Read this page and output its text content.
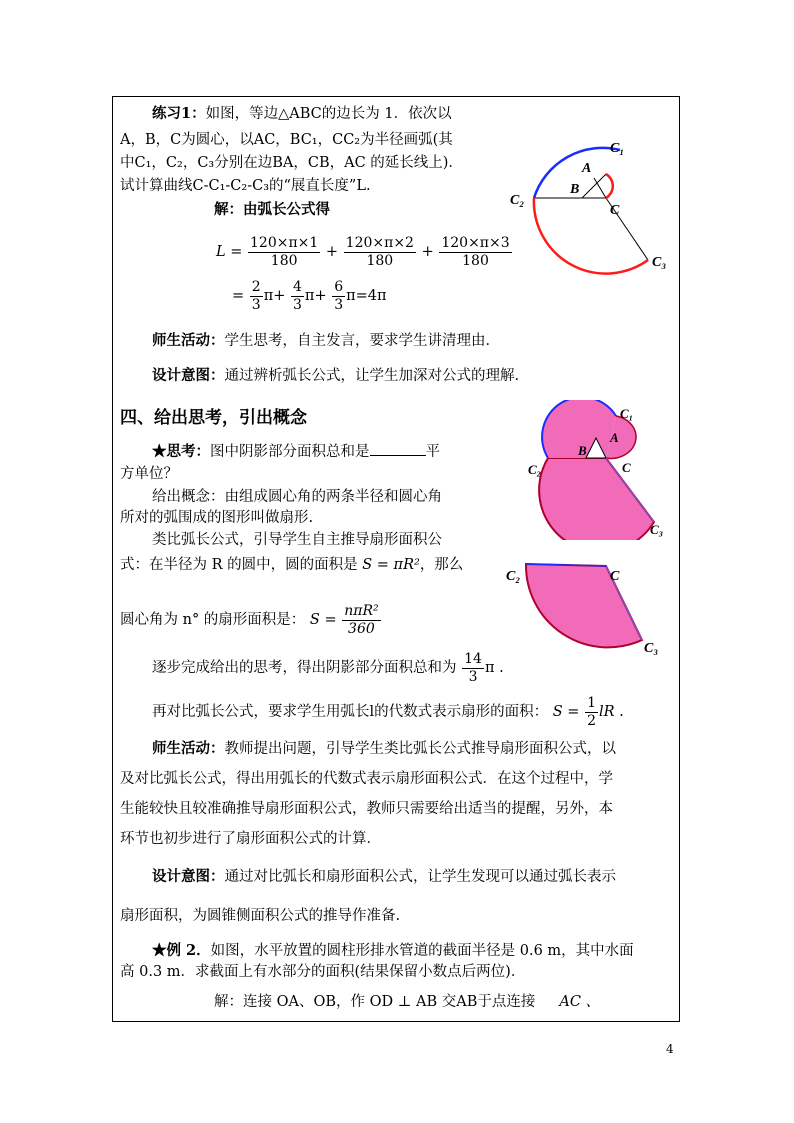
练习1：如图，等边△ABC的边长为 1．依次以
A，B，C为圆心，以AC，BC₁，CC₂为半径画弧(其
中C₁，C₂，C₃分别在边BA，CB，AC 的延长线上)．
试计算曲线C-C₁-C₂-C₃的“展直长度”L.
解：由弧长公式得
$L = \frac{120\times\pi\times 1}{180} + \frac{120\times\pi\times 2}{180} + \frac{120\times\pi\times 3}{180}$
= $\frac{2}{3} \pi+ \frac{4}{3} \pi+ \frac{6}{3} \pi=4\pi$
师生活动：学生思考，自主发言，要求学生讲清理由．
设计意图：通过辨析弧长公式，让学生加深对公式的理解.
A
B
C
C₁
C₂
C₃
四、给出思考，引出概念
★思考：图中阴影部分面积总和是	平
方单位？
给出概念：由组成圆心角的两条半径和圆心角
所对的弧围成的图形叫做扇形.
类比弧长公式，引导学生自主推导扇形面积公
式：在半径为 R 的圆中，圆的面积是 S = πR²，那么
圆心角为 n° 的扇形面积是： $S = \frac{\text{nπR²}}{360}$
逐步完成给出的思考，得出阴影部分面积总和为 $\frac{14}{3}$ π .
再对比弧长公式，要求学生用弧长l的代数式表示扇形的面积： $S = \frac{1}{2}$ lR .
师生活动：教师提出问题，引导学生类比弧长公式推导扇形面积公式，以
及对比弧长公式，得出用弧长的代数式表示扇形面积公式．在这个过程中，学
生能较快且较准确推导扇形面积公式，教师只需要给出适当的提醒，另外，本
环节也初步进行了扇形面积公式的计算．
设计意图：通过对比弧长和扇形面积公式，让学生发现可以通过弧长表示
扇形面积，为圆锥侧面积公式的推导作准备.
★例 2．如图，水平放置的圆柱形排水管道的截面半径是 0.6 m，其中水面
高 0.3 m．求截面上有水部分的面积(结果保留小数点后两位)．
解：连接 OA、OB，作 OD ⊥ AB 交AB于点连接 AC 、
B
A
C
C₁
C₂
C₃
C₂	C
C₃
4
